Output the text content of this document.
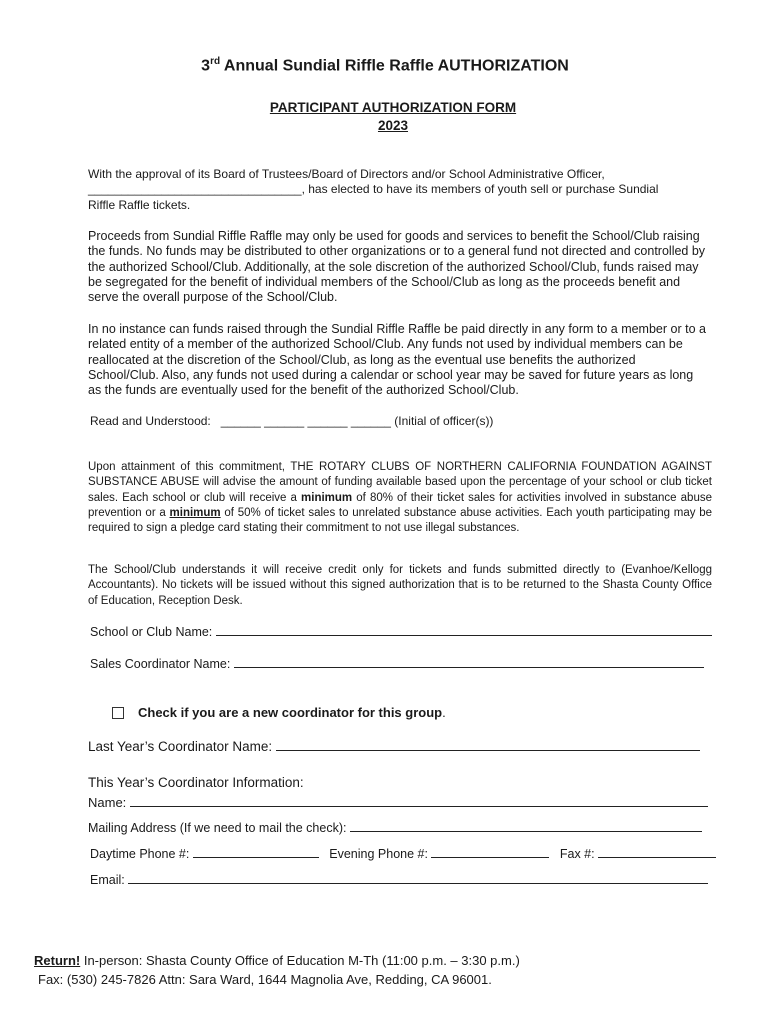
3rd Annual Sundial Riffle Raffle AUTHORIZATION
PARTICIPANT AUTHORIZATION FORM
2023
With the approval of its Board of Trustees/Board of Directors and/or School Administrative Officer,
________________________________, has elected to have its members of youth sell or purchase Sundial
Riffle Raffle tickets.
Proceeds from Sundial Riffle Raffle may only be used for goods and services to benefit the School/Club raising the funds. No funds may be distributed to other organizations or to a general fund not directed and controlled by the authorized School/Club. Additionally, at the sole discretion of the authorized School/Club, funds raised may be segregated for the benefit of individual members of the School/Club as long as the proceeds benefit and serve the overall purpose of the School/Club.
In no instance can funds raised through the Sundial Riffle Raffle be paid directly in any form to a member or to a related entity of a member of the authorized School/Club. Any funds not used by individual members can be reallocated at the discretion of the School/Club, as long as the eventual use benefits the authorized School/Club. Also, any funds not used during a calendar or school year may be saved for future years as long as the funds are eventually used for the benefit of the authorized School/Club.
Read and Understood: ______ ______ ______ ______ (Initial of officer(s))
Upon attainment of this commitment, THE ROTARY CLUBS OF NORTHERN CALIFORNIA FOUNDATION AGAINST SUBSTANCE ABUSE will advise the amount of funding available based upon the percentage of your school or club ticket sales. Each school or club will receive a minimum of 80% of their ticket sales for activities involved in substance abuse prevention or a minimum of 50% of ticket sales to unrelated substance abuse activities. Each youth participating may be required to sign a pledge card stating their commitment to not use illegal substances.
The School/Club understands it will receive credit only for tickets and funds submitted directly to (Evanhoe/Kellogg Accountants). No tickets will be issued without this signed authorization that is to be returned to the Shasta County Office of Education, Reception Desk.
School or Club Name:
Sales Coordinator Name:
Check if you are a new coordinator for this group.
Last Year’s Coordinator Name:
This Year’s Coordinator Information:
Name:
Mailing Address (If we need to mail the check):
Daytime Phone #:	Evening Phone #:	Fax #:
Email:
Return! In-person: Shasta County Office of Education M-Th (11:00 p.m. – 3:30 p.m.)
Fax: (530) 245-7826 Attn: Sara Ward, 1644 Magnolia Ave, Redding, CA 96001.
